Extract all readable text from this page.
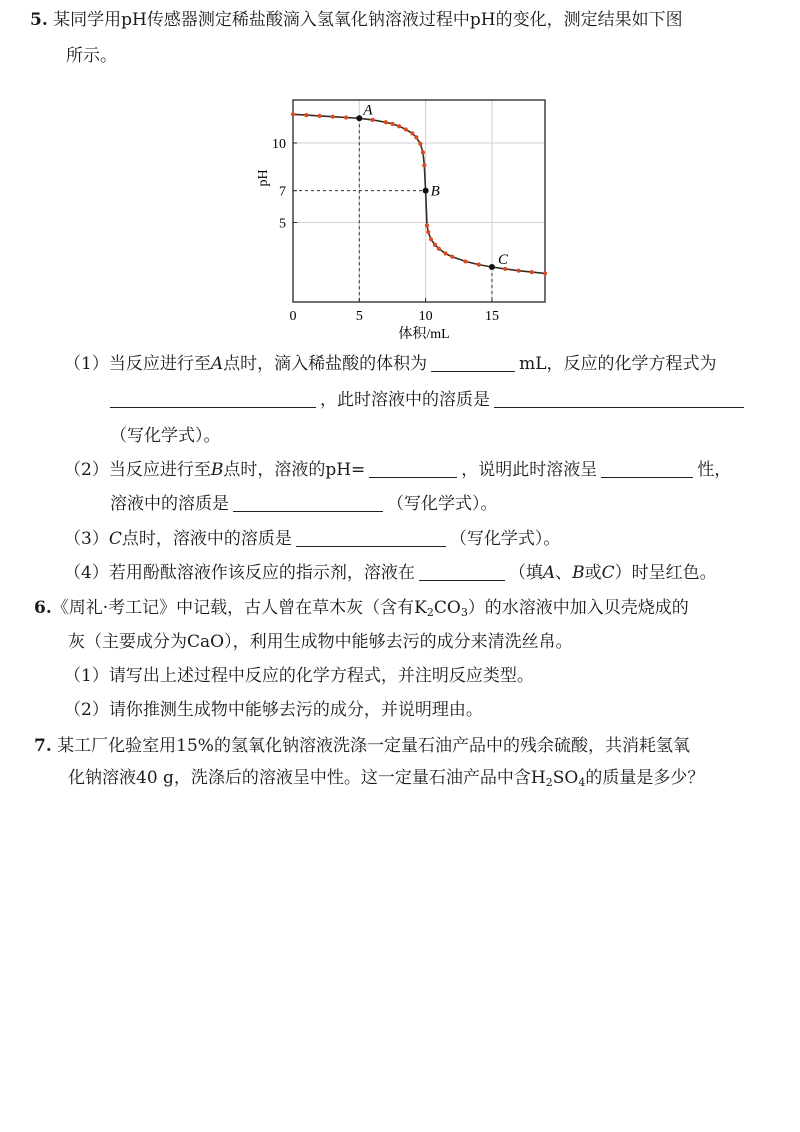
5. 某同学用pH传感器测定稀盐酸滴入氢氧化钠溶液过程中pH的变化，测定结果如下图
所示。
0	5	10	15
5
7
10
体积/mL
pH
A
B
C
（1）当反应进行至A点时，滴入稀盐酸的体积为	mL，反应的化学方程式为
，此时溶液中的溶质是
（写化学式）。
（2）当反应进行至B点时，溶液的pH=	，说明此时溶液呈	性，
溶液中的溶质是	（写化学式）。
（3）C点时，溶液中的溶质是	（写化学式）。
（4）若用酚酞溶液作该反应的指示剂，溶液在	（填A、B或C）时呈红色。
6.《周礼·考工记》中记载，古人曾在草木灰（含有$K_2CO_3$）的水溶液中加入贝壳烧成的
灰（主要成分为CaO），利用生成物中能够去污的成分来清洗丝帛。
（1）请写出上述过程中反应的化学方程式，并注明反应类型。
（2）请你推测生成物中能够去污的成分，并说明理由。
7. 某工厂化验室用15%的氢氧化钠溶液洗涤一定量石油产品中的残余硫酸，共消耗氢氧
化钠溶液40 g，洗涤后的溶液呈中性。这一定量石油产品中含$H_2SO_4$的质量是多少？
